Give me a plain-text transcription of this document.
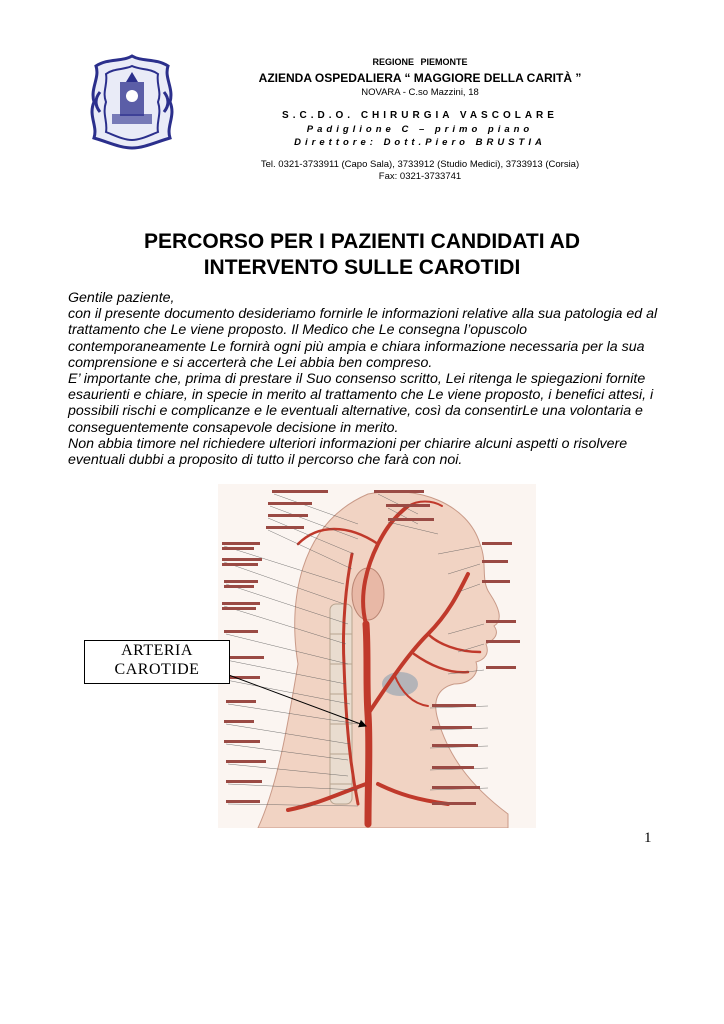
REGIONE PIEMONTE
AZIENDA OSPEDALIERA “ MAGGIORE DELLA CARITÀ ”
NOVARA - C.so Mazzini, 18
S.C.D.O. CHIRURGIA VASCOLARE
Padiglione C – primo piano
Direttore: Dott.Piero BRUSTIA
Tel. 0321-3733911 (Capo Sala), 3733912 (Studio Medici), 3733913 (Corsia)
Fax: 0321-3733741
PERCORSO PER I PAZIENTI CANDIDATI AD
INTERVENTO SULLE CAROTIDI

Gentile paziente,

con il presente documento desideriamo fornirle le informazioni relative alla sua patologia ed al trattamento che Le viene proposto. Il Medico che Le consegna l’opuscolo contemporaneamente Le fornirà ogni più ampia e chiara informazione necessaria per la sua comprensione e si accerterà che Lei abbia ben compreso.

E’ importante che, prima di prestare il Suo consenso scritto, Lei ritenga le spiegazioni fornite esaurienti e chiare, in specie in merito al trattamento che Le viene proposto, i benefici attesi, i possibili rischi e complicanze e le eventuali alternative, così da consentirLe una volontaria e conseguentemente consapevole decisione in merito.

Non abbia timore nel richiedere ulteriori informazioni per chiarire alcuni aspetti o risolvere eventuali dubbi a proposito di tutto il percorso che farà con noi.

ARTERIA
CAROTIDE
1
